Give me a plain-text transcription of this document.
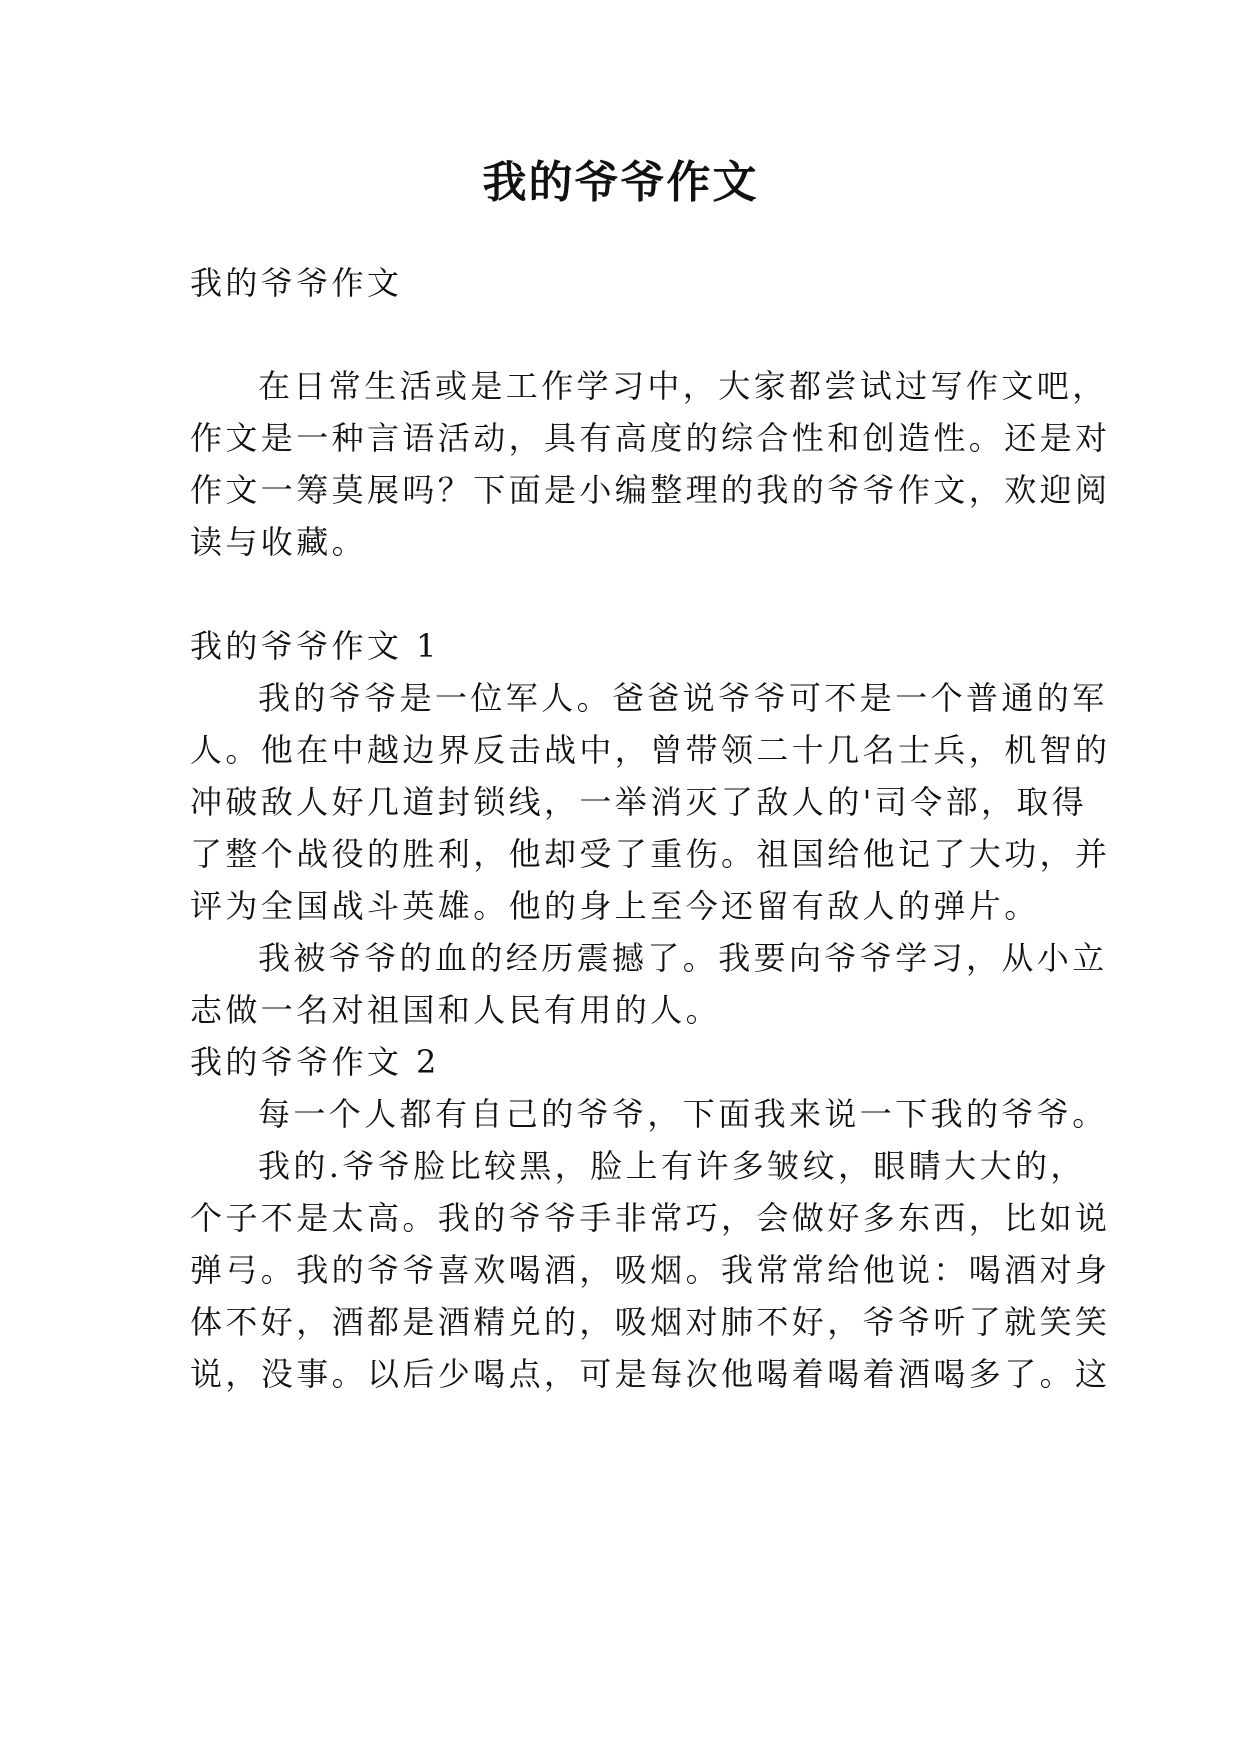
我的爷爷作文
我的爷爷作文
在日常生活或是工作学习中，大家都尝试过写作文吧，
作文是一种言语活动，具有高度的综合性和创造性。还是对
作文一筹莫展吗？下面是小编整理的我的爷爷作文，欢迎阅
读与收藏。
我的爷爷作文 1
我的爷爷是一位军人。爸爸说爷爷可不是一个普通的军
人。他在中越边界反击战中，曾带领二十几名士兵，机智的
冲破敌人好几道封锁线，一举消灭了敌人的'司令部，取得
了整个战役的胜利，他却受了重伤。祖国给他记了大功，并
评为全国战斗英雄。他的身上至今还留有敌人的弹片。
我被爷爷的血的经历震撼了。我要向爷爷学习，从小立
志做一名对祖国和人民有用的人。
我的爷爷作文 2
每一个人都有自己的爷爷，下面我来说一下我的爷爷。
我的.爷爷脸比较黑，脸上有许多皱纹，眼睛大大的，
个子不是太高。我的爷爷手非常巧，会做好多东西，比如说
弹弓。我的爷爷喜欢喝酒，吸烟。我常常给他说：喝酒对身
体不好，酒都是酒精兑的，吸烟对肺不好，爷爷听了就笑笑
说，没事。以后少喝点，可是每次他喝着喝着酒喝多了。这
